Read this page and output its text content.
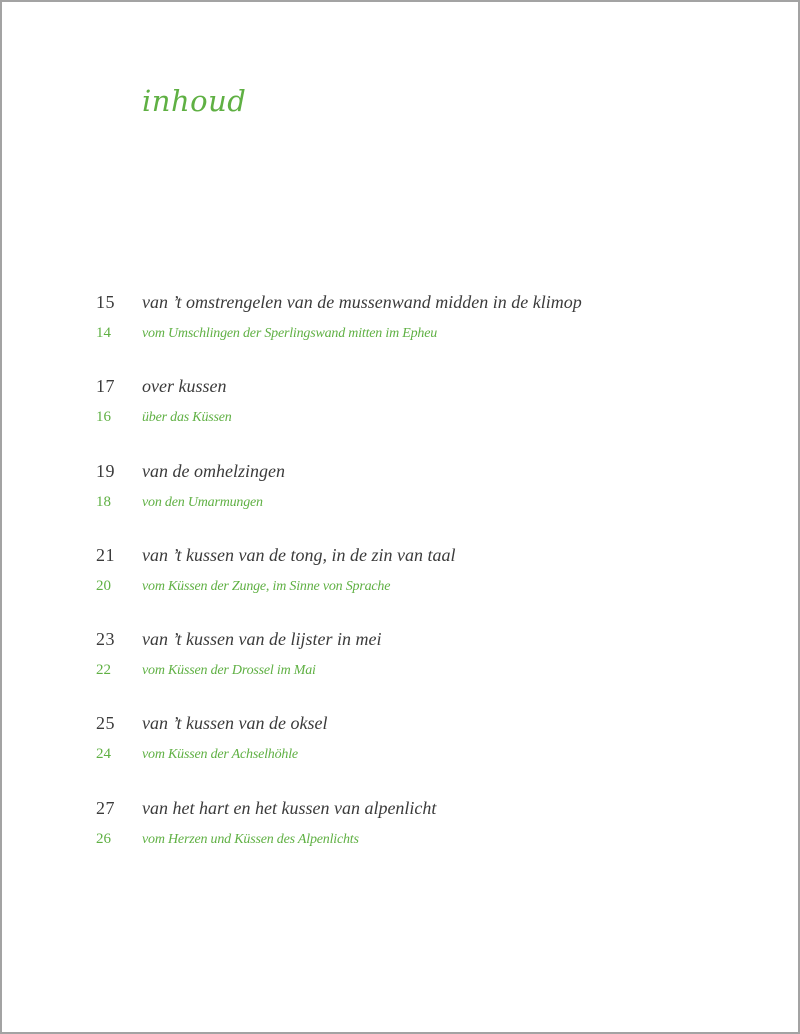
inhoud
15 van ’t omstrengelen van de mussenwand midden in de klimop
14 vom Umschlingen der Sperlingswand mitten im Epheu
17 over kussen
16 über das Küssen
19 van de omhelzingen
18 von den Umarmungen
21 van ’t kussen van de tong, in de zin van taal
20 vom Küssen der Zunge, im Sinne von Sprache
23 van ’t kussen van de lijster in mei
22 vom Küssen der Drossel im Mai
25 van ’t kussen van de oksel
24 vom Küssen der Achselhöhle
27 van het hart en het kussen van alpenlicht
26 vom Herzen und Küssen des Alpenlichts
